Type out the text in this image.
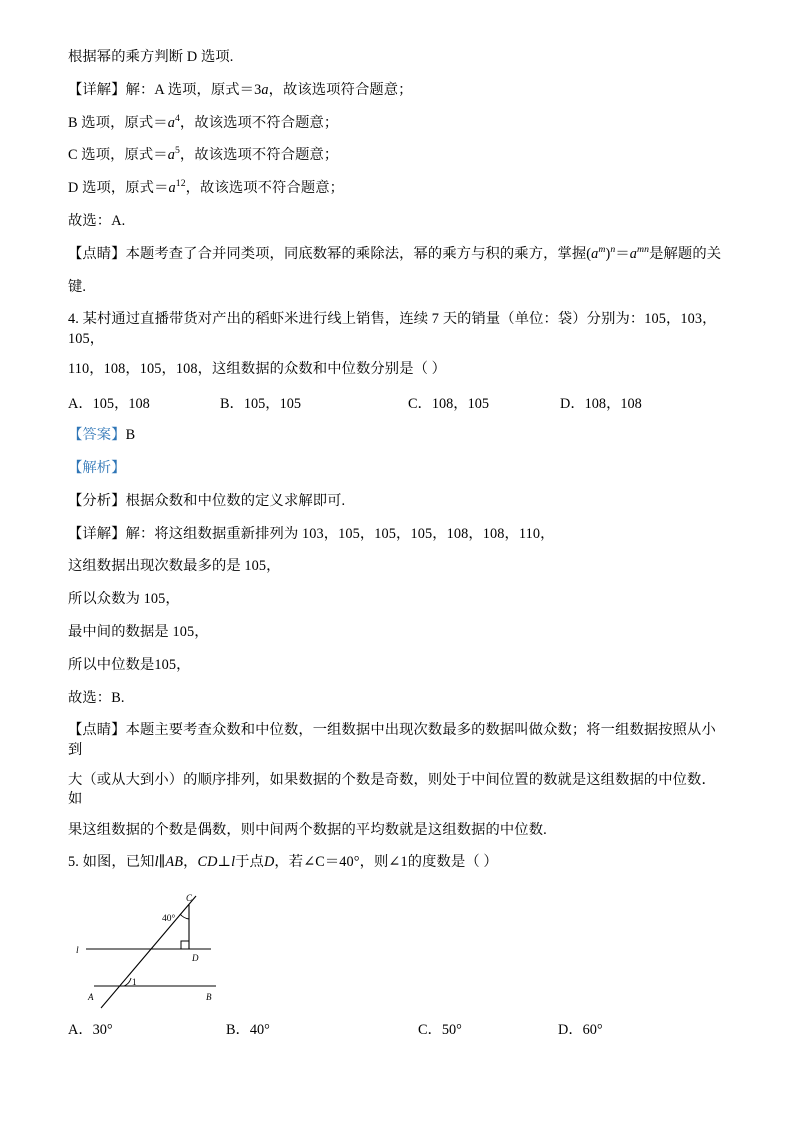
根据幂的乘方判断 D 选项.

【详解】解：A 选项，原式＝3a，故该选项符合题意；

B 选项，原式$=a^4$，故该选项不符合题意；

C 选项，原式$=a^5$，故该选项不符合题意；

D 选项，原式$=a^{12}$，故该选项不符合题意；

故选：A.

【点睛】本题考查了合并同类项，同底数幂的乘除法，幂的乘方与积的乘方，掌握$(a^m)^n=a^{mn}$是解题的关

键.

4. 某村通过直播带货对产出的稻虾米进行线上销售，连续 7 天的销量（单位：袋）分别为：105，103，105，

110，108，105，108，这组数据的众数和中位数分别是（ ）

A．105，108	B．105，105	C．108，105	D．108，108

【答案】B

【解析】

【分析】根据众数和中位数的定义求解即可.

【详解】解：将这组数据重新排列为 103，105，105，105，108，108，110，

这组数据出现次数最多的是 105，

所以众数为 105，

最中间的数据是 105，

所以中位数是105，

故选：B.

【点睛】本题主要考查众数和中位数，一组数据中出现次数最多的数据叫做众数；将一组数据按照从小到

大（或从大到小）的顺序排列，如果数据的个数是奇数，则处于中间位置的数就是这组数据的中位数．如

果这组数据的个数是偶数，则中间两个数据的平均数就是这组数据的中位数.

5. 如图，已知l∥AB，CD⊥l于点D，若∠C＝40°，则∠1的度数是（ ）

C
40°
D
l
1
A	B
A．30°	B．40°	C．50°	D．60°
